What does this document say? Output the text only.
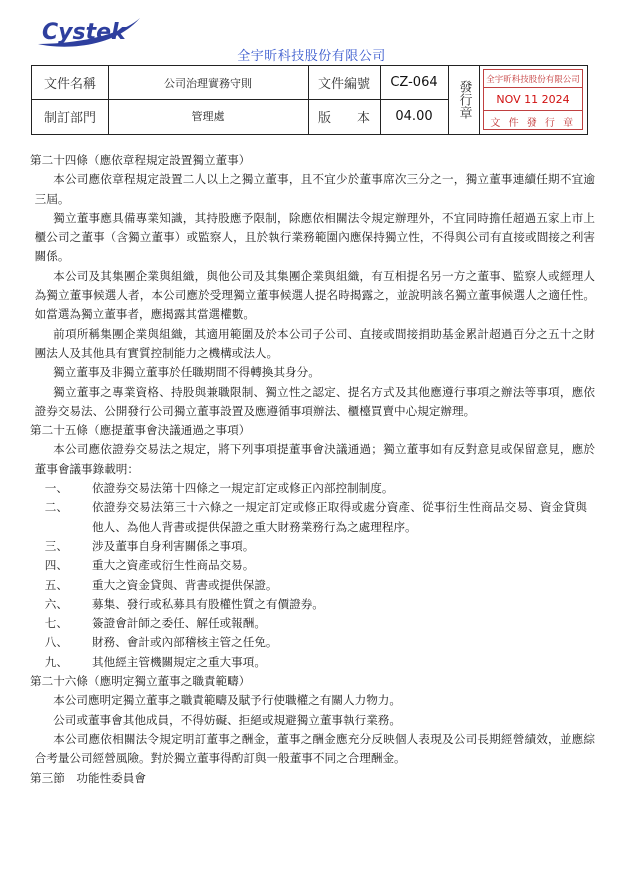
Cystek
全宇昕科技股份有限公司
文件名稱	公司治理實務守則	文件編號	CZ-064
制訂部門	管理處	版　　本	04.00	發行章 全宇昕科技股份有限公司
NOV 11 2024
文 件 發 行 章

第二十四條（應依章程規定設置獨立董事）

本公司應依章程規定設置二人以上之獨立董事，且不宜少於董事席次三分之一，獨立董事連續任期不宜逾三屆。

獨立董事應具備專業知識，其持股應予限制，除應依相關法令規定辦理外，不宜同時擔任超過五家上市上櫃公司之董事（含獨立董事）或監察人，且於執行業務範圍內應保持獨立性，不得與公司有直接或間接之利害關係。

本公司及其集團企業與組織，與他公司及其集團企業與組織，有互相提名另一方之董事、監察人或經理人為獨立董事候選人者，本公司應於受理獨立董事候選人提名時揭露之，並說明該名獨立董事候選人之適任性。如當選為獨立董事者，應揭露其當選權數。

前項所稱集團企業與組織，其適用範圍及於本公司子公司、直接或間接捐助基金累計超過百分之五十之財團法人及其他具有實質控制能力之機構或法人。

獨立董事及非獨立董事於任職期間不得轉換其身分。

獨立董事之專業資格、持股與兼職限制、獨立性之認定、提名方式及其他應遵行事項之辦法等事項，應依證券交易法、公開發行公司獨立董事設置及應遵循事項辦法、櫃檯買賣中心規定辦理。

第二十五條（應提董事會決議通過之事項）

本公司應依證券交易法之規定，將下列事項提董事會決議通過；獨立董事如有反對意見或保留意見，應於董事會議事錄載明：

一、	依證券交易法第十四條之一規定訂定或修正內部控制制度。
二、	依證券交易法第三十六條之一規定訂定或修正取得或處分資產、從事衍生性商品交易、資金貸與他人、為他人背書或提供保證之重大財務業務行為之處理程序。
三、	涉及董事自身利害關係之事項。
四、	重大之資產或衍生性商品交易。
五、	重大之資金貸與、背書或提供保證。
六、	募集、發行或私募具有股權性質之有價證券。
七、	簽證會計師之委任、解任或報酬。
八、	財務、會計或內部稽核主管之任免。
九、	其他經主管機關規定之重大事項。

第二十六條（應明定獨立董事之職責範疇）

本公司應明定獨立董事之職責範疇及賦予行使職權之有關人力物力。

公司或董事會其他成員，不得妨礙、拒絕或規避獨立董事執行業務。

本公司應依相關法令規定明訂董事之酬金，董事之酬金應充分反映個人表現及公司長期經營績效，並應綜合考量公司經營風險。對於獨立董事得酌訂與一般董事不同之合理酬金。

第三節　功能性委員會
